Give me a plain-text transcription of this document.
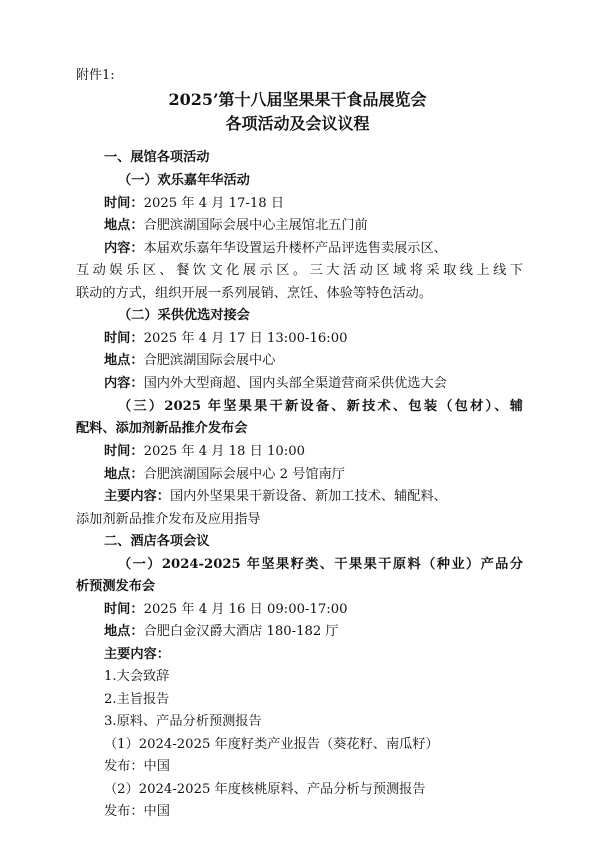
附件1:
2025’第十八届坚果果干食品展览会
各项活动及会议议程
一、展馆各项活动
（一）欢乐嘉年华活动
时间：2025 年 4 月 17-18 日
地点：合肥滨湖国际会展中心主展馆北五门前
内容：本届欢乐嘉年华设置运升楼杯产品评选售卖展示区、
互动娱乐区、餐饮文化展示区。三大活动区域将采取线上线下
联动的方式，组织开展一系列展销、烹饪、体验等特色活动。
（二）采供优选对接会
时间：2025 年 4 月 17 日 13:00-16:00
地点：合肥滨湖国际会展中心
内容：国内外大型商超、国内头部全渠道营商采供优选大会
（三）2025 年坚果果干新设备、新技术、包装（包材）、辅
配料、添加剂新品推介发布会
时间：2025 年 4 月 18 日 10:00
地点：合肥滨湖国际会展中心 2 号馆南厅
主要内容：国内外坚果果干新设备、新加工技术、辅配料、
添加剂新品推介发布及应用指导
二、酒店各项会议
（一）2024-2025 年坚果籽类、干果果干原料（种业）产品分
析预测发布会
时间：2025 年 4 月 16 日 09:00-17:00
地点：合肥白金汉爵大酒店 180-182 厅
主要内容：
1.大会致辞
2.主旨报告
3.原料、产品分析预测报告
（1）2024-2025 年度籽类产业报告（葵花籽、南瓜籽）
发布：中国
（2）2024-2025 年度核桃原料、产品分析与预测报告
发布：中国
